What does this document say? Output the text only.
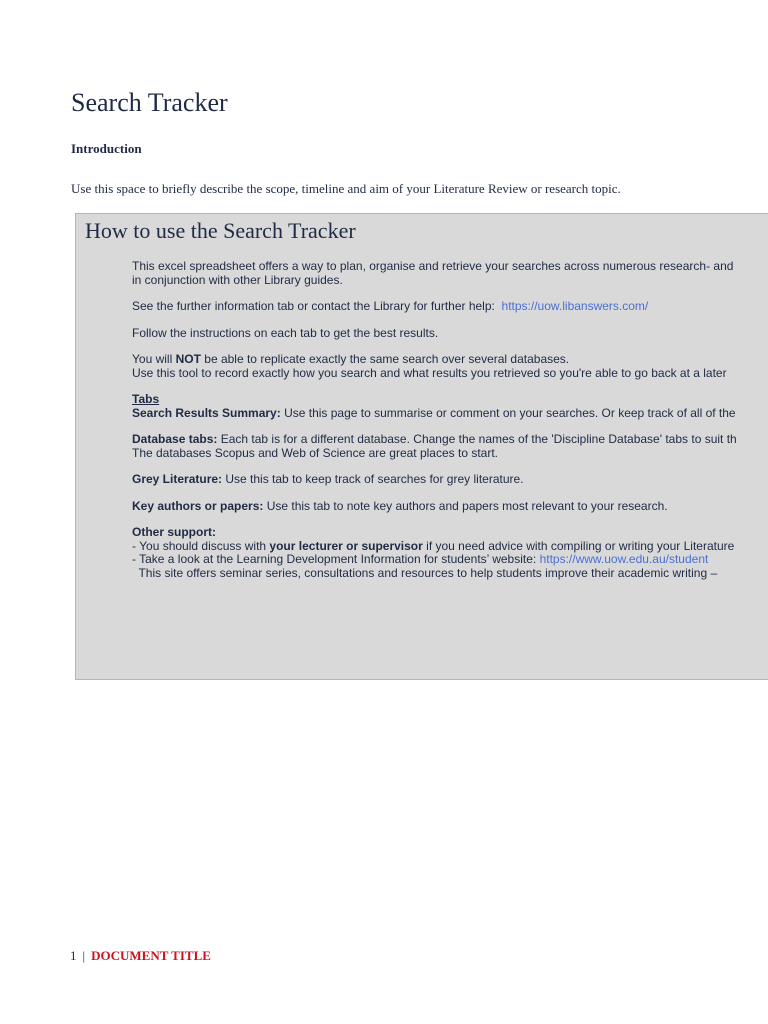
Search Tracker
Introduction
Use this space to briefly describe the scope, timeline and aim of your Literature Review or research topic.
How to use the Search Tracker
This excel spreadsheet offers a way to plan, organise and retrieve your searches across numerous research- and
in conjunction with other Library guides.
See the further information tab or contact the Library for further help: https://uow.libanswers.com/
Follow the instructions on each tab to get the best results.
You will NOT be able to replicate exactly the same search over several databases.
Use this tool to record exactly how you search and what results you retrieved so you're able to go back at a later
Tabs
Search Results Summary: Use this page to summarise or comment on your searches. Or keep track of all of the
Database tabs: Each tab is for a different database. Change the names of the 'Discipline Database' tabs to suit th
The databases Scopus and Web of Science are great places to start.
Grey Literature: Use this tab to keep track of searches for grey literature.
Key authors or papers: Use this tab to note key authors and papers most relevant to your research.
Other support:
- You should discuss with your lecturer or supervisor if you need advice with compiling or writing your Literature
- Take a look at the Learning Development Information for students’ website: https://www.uow.edu.au/student
This site offers seminar series, consultations and resources to help students improve their academic writing –
1 | DOCUMENT TITLE
